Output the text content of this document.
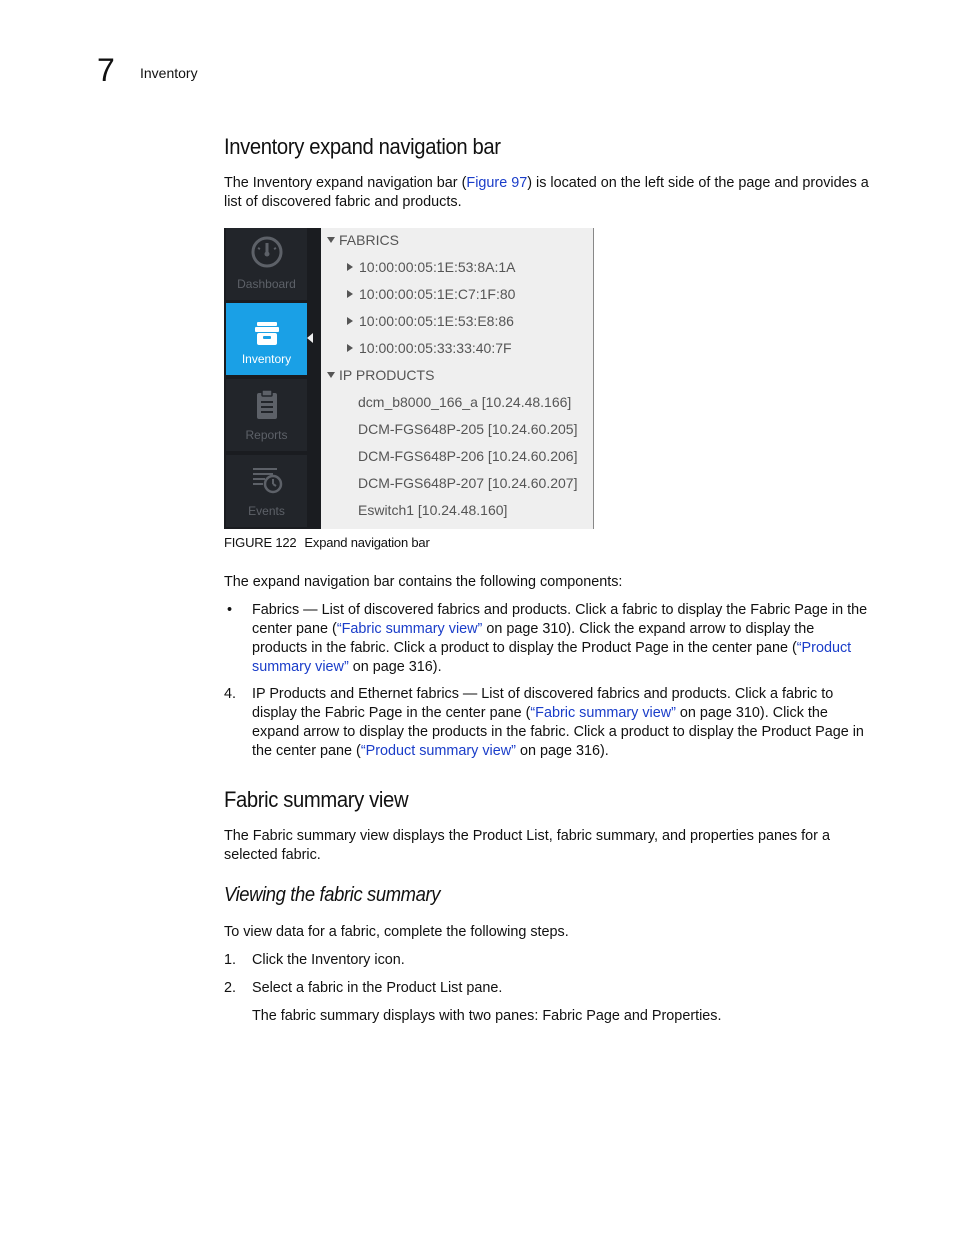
7 Inventory
Inventory expand navigation bar

The Inventory expand navigation bar (Figure 97) is located on the left side of the page and provides a list of discovered fabric and products.

Dashboard
Inventory
Reports
Events
FABRICS
10:00:00:05:1E:53:8A:1A
10:00:00:05:1E:C7:1F:80
10:00:00:05:1E:53:E8:86
10:00:00:05:33:33:40:7F
IP PRODUCTS
dcm_b8000_166_a [10.24.48.166]
DCM-FGS648P-205 [10.24.60.205]
DCM-FGS648P-206 [10.24.60.206]
DCM-FGS648P-207 [10.24.60.207]
Eswitch1 [10.24.48.160]
FIGURE 122 Expand navigation bar

The expand navigation bar contains the following components:

• Fabrics — List of discovered fabrics and products. Click a fabric to display the Fabric Page in the center pane (“Fabric summary view” on page 310). Click the expand arrow to display the products in the fabric. Click a product to display the Product Page in the center pane (“Product summary view” on page 316).

4. IP Products and Ethernet fabrics — List of discovered fabrics and products. Click a fabric to display the Fabric Page in the center pane (“Fabric summary view” on page 310). Click the expand arrow to display the products in the fabric. Click a product to display the Product Page in the center pane (“Product summary view” on page 316).

Fabric summary view

The Fabric summary view displays the Product List, fabric summary, and properties panes for a selected fabric.

Viewing the fabric summary

To view data for a fabric, complete the following steps.

1. Click the Inventory icon.

2. Select a fabric in the Product List pane.

The fabric summary displays with two panes: Fabric Page and Properties.
